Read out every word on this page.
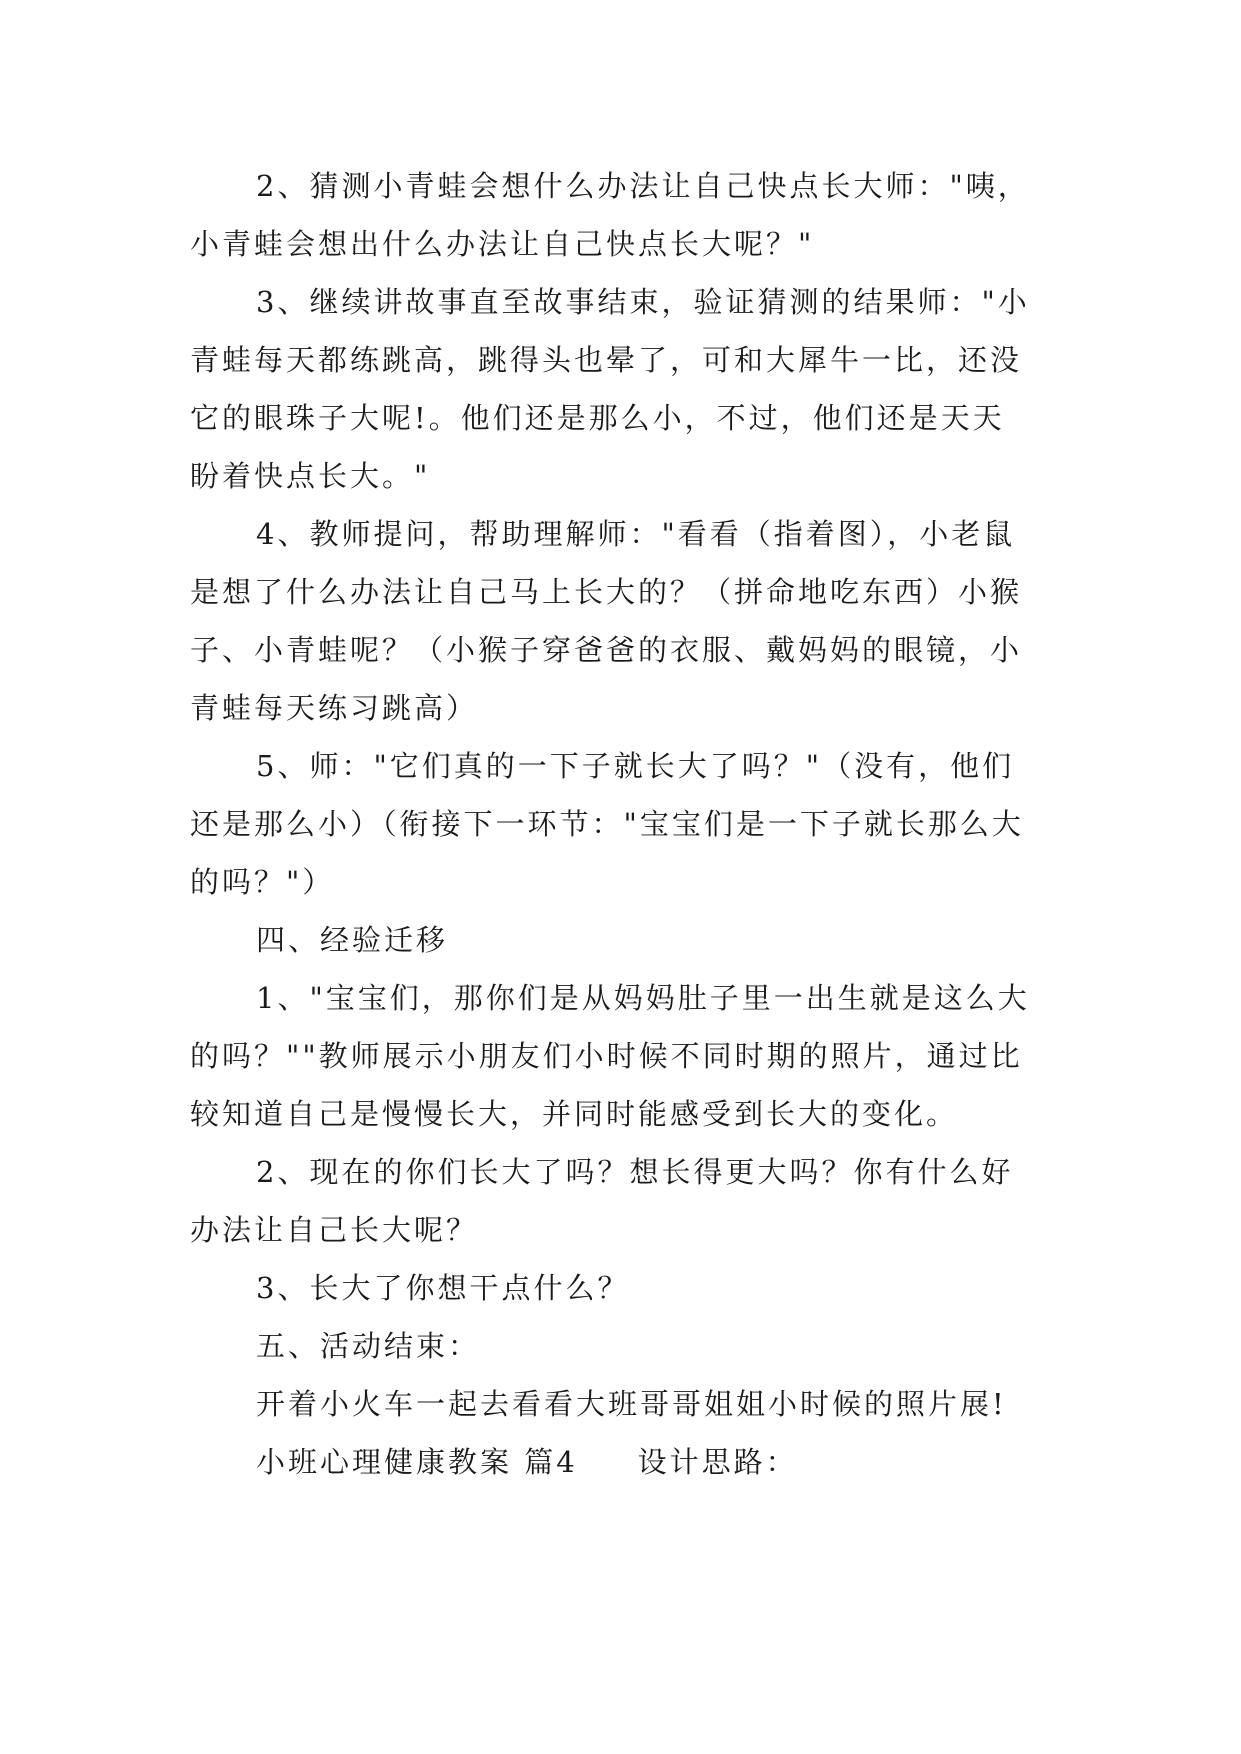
2、猜测小青蛙会想什么办法让自己快点长大师："咦，
小青蛙会想出什么办法让自己快点长大呢？"
3、继续讲故事直至故事结束，验证猜测的结果师："小
青蛙每天都练跳高，跳得头也晕了，可和大犀牛一比，还没
它的眼珠子大呢!。他们还是那么小，不过，他们还是天天
盼着快点长大。"
4、教师提问，帮助理解师："看看（指着图），小老鼠
是想了什么办法让自己马上长大的？（拼命地吃东西）小猴
子、小青蛙呢？（小猴子穿爸爸的衣服、戴妈妈的眼镜，小
青蛙每天练习跳高）
5、师："它们真的一下子就长大了吗？"（没有，他们
还是那么小）（衔接下一环节："宝宝们是一下子就长那么大
的吗？"）
四、经验迁移
1、"宝宝们，那你们是从妈妈肚子里一出生就是这么大
的吗？""教师展示小朋友们小时候不同时期的照片，通过比
较知道自己是慢慢长大，并同时能感受到长大的变化。
2、现在的你们长大了吗？想长得更大吗？你有什么好
办法让自己长大呢？
3、长大了你想干点什么？
五、活动结束：
开着小火车一起去看看大班哥哥姐姐小时候的照片展!
小班心理健康教案 篇4 设计思路：
